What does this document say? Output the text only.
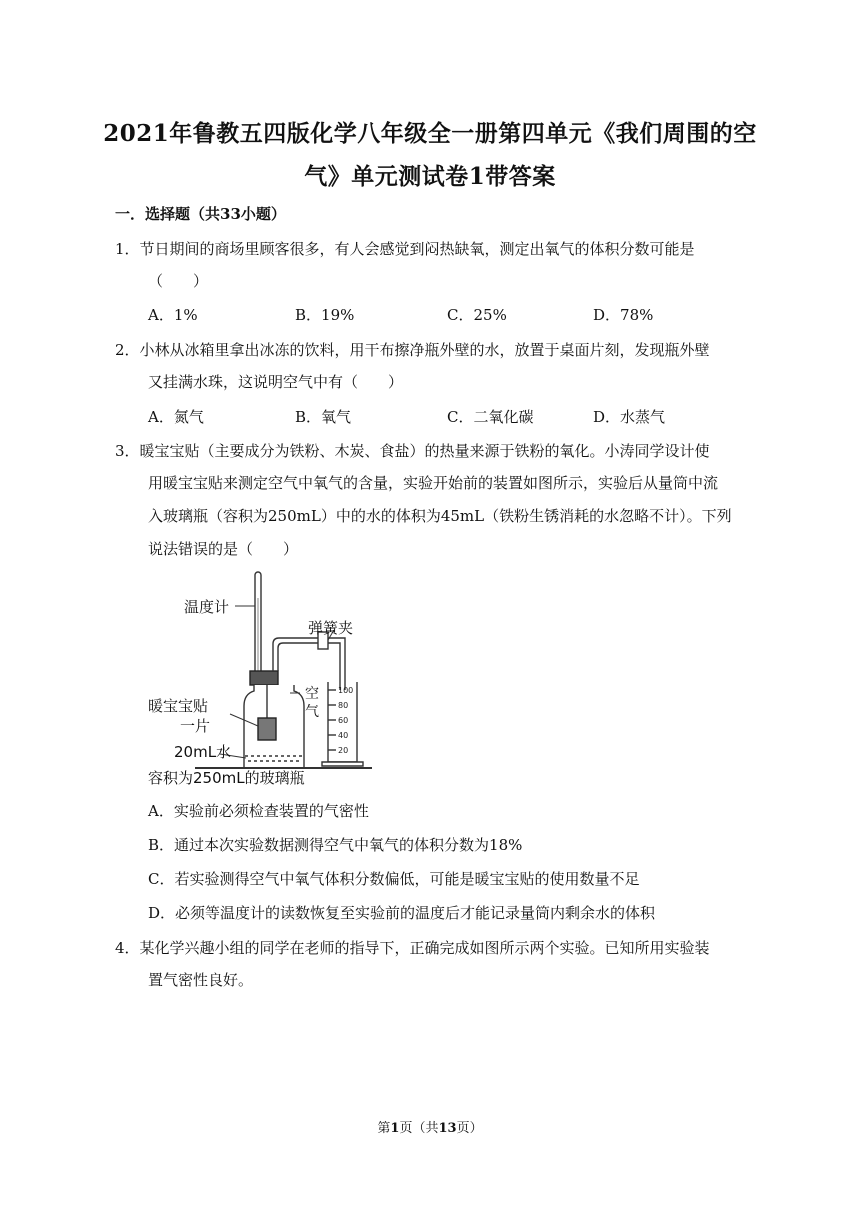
2021年鲁教五四版化学八年级全一册第四单元《我们周围的空
气》单元测试卷1带答案
一．选择题（共33小题）
1．节日期间的商场里顾客很多，有人会感觉到闷热缺氧，测定出氧气的体积分数可能是
（　　）
A．1%	B．19%	C．25%	D．78%
2．小林从冰箱里拿出冰冻的饮料，用干布擦净瓶外壁的水，放置于桌面片刻，发现瓶外壁
又挂满水珠，这说明空气中有（　　）
A．氮气	B．氧气	C．二氧化碳	D．水蒸气
3．暖宝宝贴（主要成分为铁粉、木炭、食盐）的热量来源于铁粉的氧化。小涛同学设计使
用暖宝宝贴来测定空气中氧气的含量，实验开始前的装置如图所示，实验后从量筒中流
入玻璃瓶（容积为250mL）中的水的体积为45mL（铁粉生锈消耗的水忽略不计）。下列
说法错误的是（　　）
温度计
弹簧夹
暖宝宝贴
一片
空
气
20mL水
容积为250mL的玻璃瓶
100
80
60
40
20
A．实验前必须检查装置的气密性
B．通过本次实验数据测得空气中氧气的体积分数为18%
C．若实验测得空气中氧气体积分数偏低，可能是暖宝宝贴的使用数量不足
D．必须等温度计的读数恢复至实验前的温度后才能记录量筒内剩余水的体积
4．某化学兴趣小组的同学在老师的指导下，正确完成如图所示两个实验。已知所用实验装
置气密性良好。
第1页（共13页）
